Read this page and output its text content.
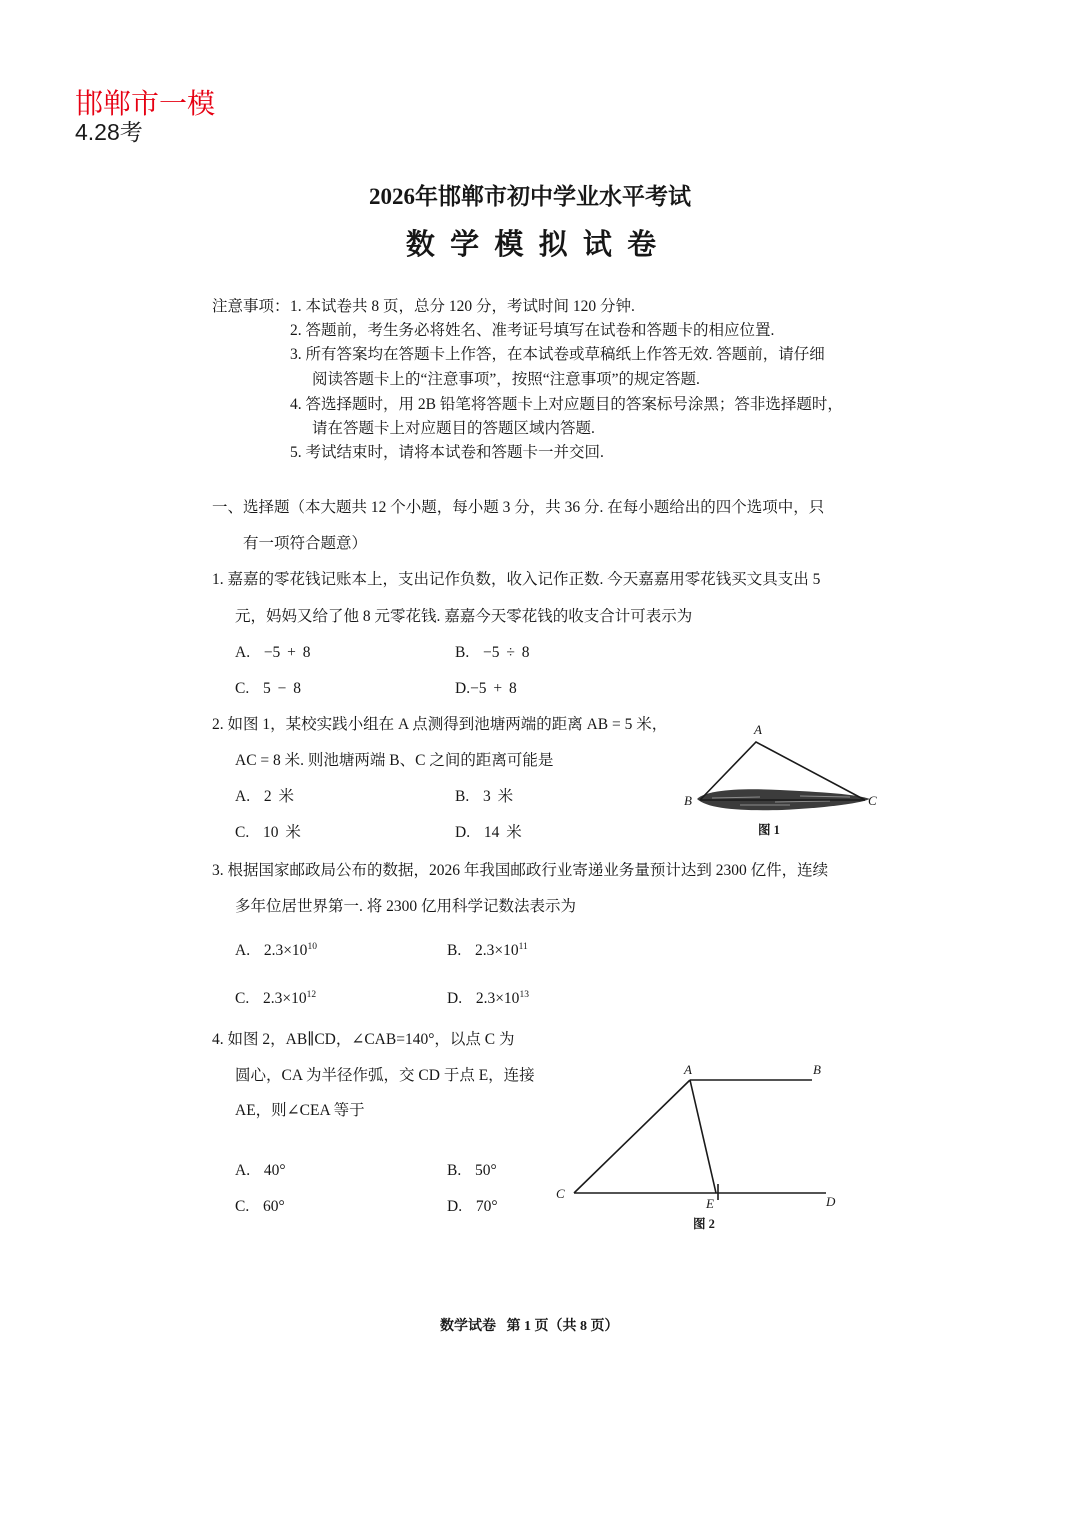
邯郸市一模
4.28考
2026年邯郸市初中学业水平考试
数 学 模 拟 试 卷
注意事项： 1. 本试卷共 8 页，总分 120 分，考试时间 120 分钟.
2. 答题前，考生务必将姓名、准考证号填写在试卷和答题卡的相应位置.
3. 所有答案均在答题卡上作答，在本试卷或草稿纸上作答无效. 答题前，请仔细
阅读答题卡上的“注意事项”，按照“注意事项”的规定答题.
4. 答选择题时，用 2B 铅笔将答题卡上对应题目的答案标号涂黑；答非选择题时，
请在答题卡上对应题目的答题区域内答题.
5. 考试结束时，请将本试卷和答题卡一并交回.
一、选择题（本大题共 12 个小题，每小题 3 分，共 36 分. 在每小题给出的四个选项中，只
有一项符合题意）
1. 嘉嘉的零花钱记账本上，支出记作负数，收入记作正数. 今天嘉嘉用零花钱买文具支出 5
元，妈妈又给了他 8 元零花钱. 嘉嘉今天零花钱的收支合计可表示为
A.  −5 + 8	B.  −5 ÷ 8
C.  5 − 8	D.−5 + 8
2. 如图 1，某校实践小组在 A 点测得到池塘两端的距离 AB = 5 米，
AC = 8 米. 则池塘两端 B、C 之间的距离可能是
A.  2 米	B.  3 米
C.  10 米	D.  14 米
A
B	C
图 1
3. 根据国家邮政局公布的数据，2026 年我国邮政行业寄递业务量预计达到 2300 亿件，连续
多年位居世界第一. 将 2300 亿用科学记数法表示为
A.  $2.3\times 10^{10}$	B.  $2.3\times 10^{11}$
C.  $2.3\times 10^{12}$	D.  $2.3\times 10^{13}$
4. 如图 2，AB∥CD，∠CAB=140°，以点 C 为
圆心，CA 为半径作弧，交 CD 于点 E，连接
AE，则∠CEA 等于
A.  40°	B.  50°
C.  60°	D.  70°
A	B
C
D
E
图 2
数学试卷   第 1 页（共 8 页）
